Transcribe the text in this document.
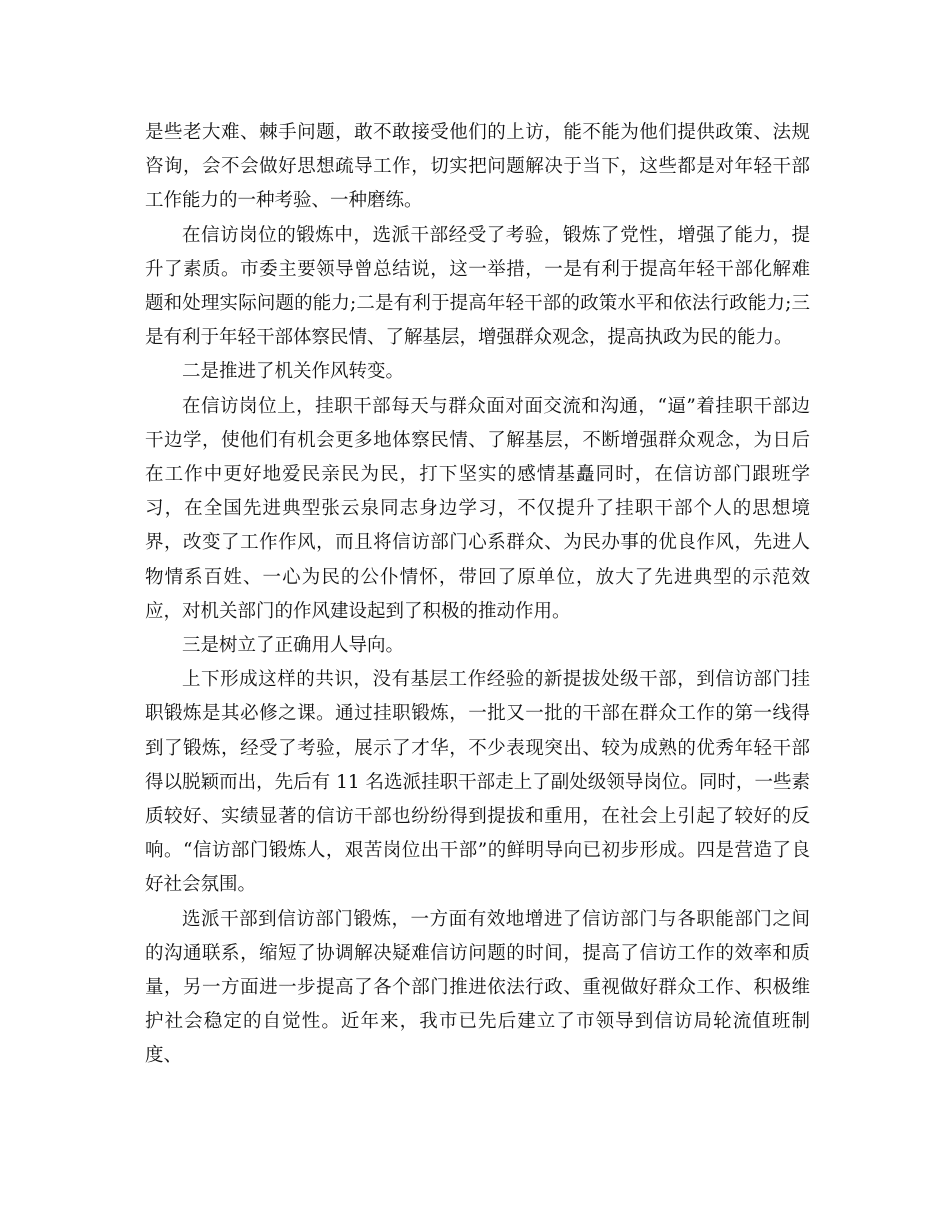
是些老大难、棘手问题，敢不敢接受他们的上访，能不能为他们提供政策、法规咨询，会不会做好思想疏导工作，切实把问题解决于当下，这些都是对年轻干部工作能力的一种考验、一种磨练。

在信访岗位的锻炼中，选派干部经受了考验，锻炼了党性，增强了能力，提升了素质。市委主要领导曾总结说，这一举措，一是有利于提高年轻干部化解难题和处理实际问题的能力;二是有利于提高年轻干部的政策水平和依法行政能力;三是有利于年轻干部体察民情、了解基层，增强群众观念，提高执政为民的能力。

二是推进了机关作风转变。

在信访岗位上，挂职干部每天与群众面对面交流和沟通，“逼”着挂职干部边干边学，使他们有机会更多地体察民情、了解基层，不断增强群众观念，为日后在工作中更好地爱民亲民为民，打下坚实的感情基矗同时，在信访部门跟班学习，在全国先进典型张云泉同志身边学习，不仅提升了挂职干部个人的思想境界，改变了工作作风，而且将信访部门心系群众、为民办事的优良作风，先进人物情系百姓、一心为民的公仆情怀，带回了原单位，放大了先进典型的示范效应，对机关部门的作风建设起到了积极的推动作用。

三是树立了正确用人导向。

上下形成这样的共识，没有基层工作经验的新提拔处级干部，到信访部门挂职锻炼是其必修之课。通过挂职锻炼，一批又一批的干部在群众工作的第一线得到了锻炼，经受了考验，展示了才华，不少表现突出、较为成熟的优秀年轻干部得以脱颖而出，先后有 11 名选派挂职干部走上了副处级领导岗位。同时，一些素质较好、实绩显著的信访干部也纷纷得到提拔和重用，在社会上引起了较好的反响。“信访部门锻炼人，艰苦岗位出干部”的鲜明导向已初步形成。四是营造了良好社会氛围。

选派干部到信访部门锻炼，一方面有效地增进了信访部门与各职能部门之间的沟通联系，缩短了协调解决疑难信访问题的时间，提高了信访工作的效率和质量，另一方面进一步提高了各个部门推进依法行政、重视做好群众工作、积极维护社会稳定的自觉性。近年来，我市已先后建立了市领导到信访局轮流值班制度、
